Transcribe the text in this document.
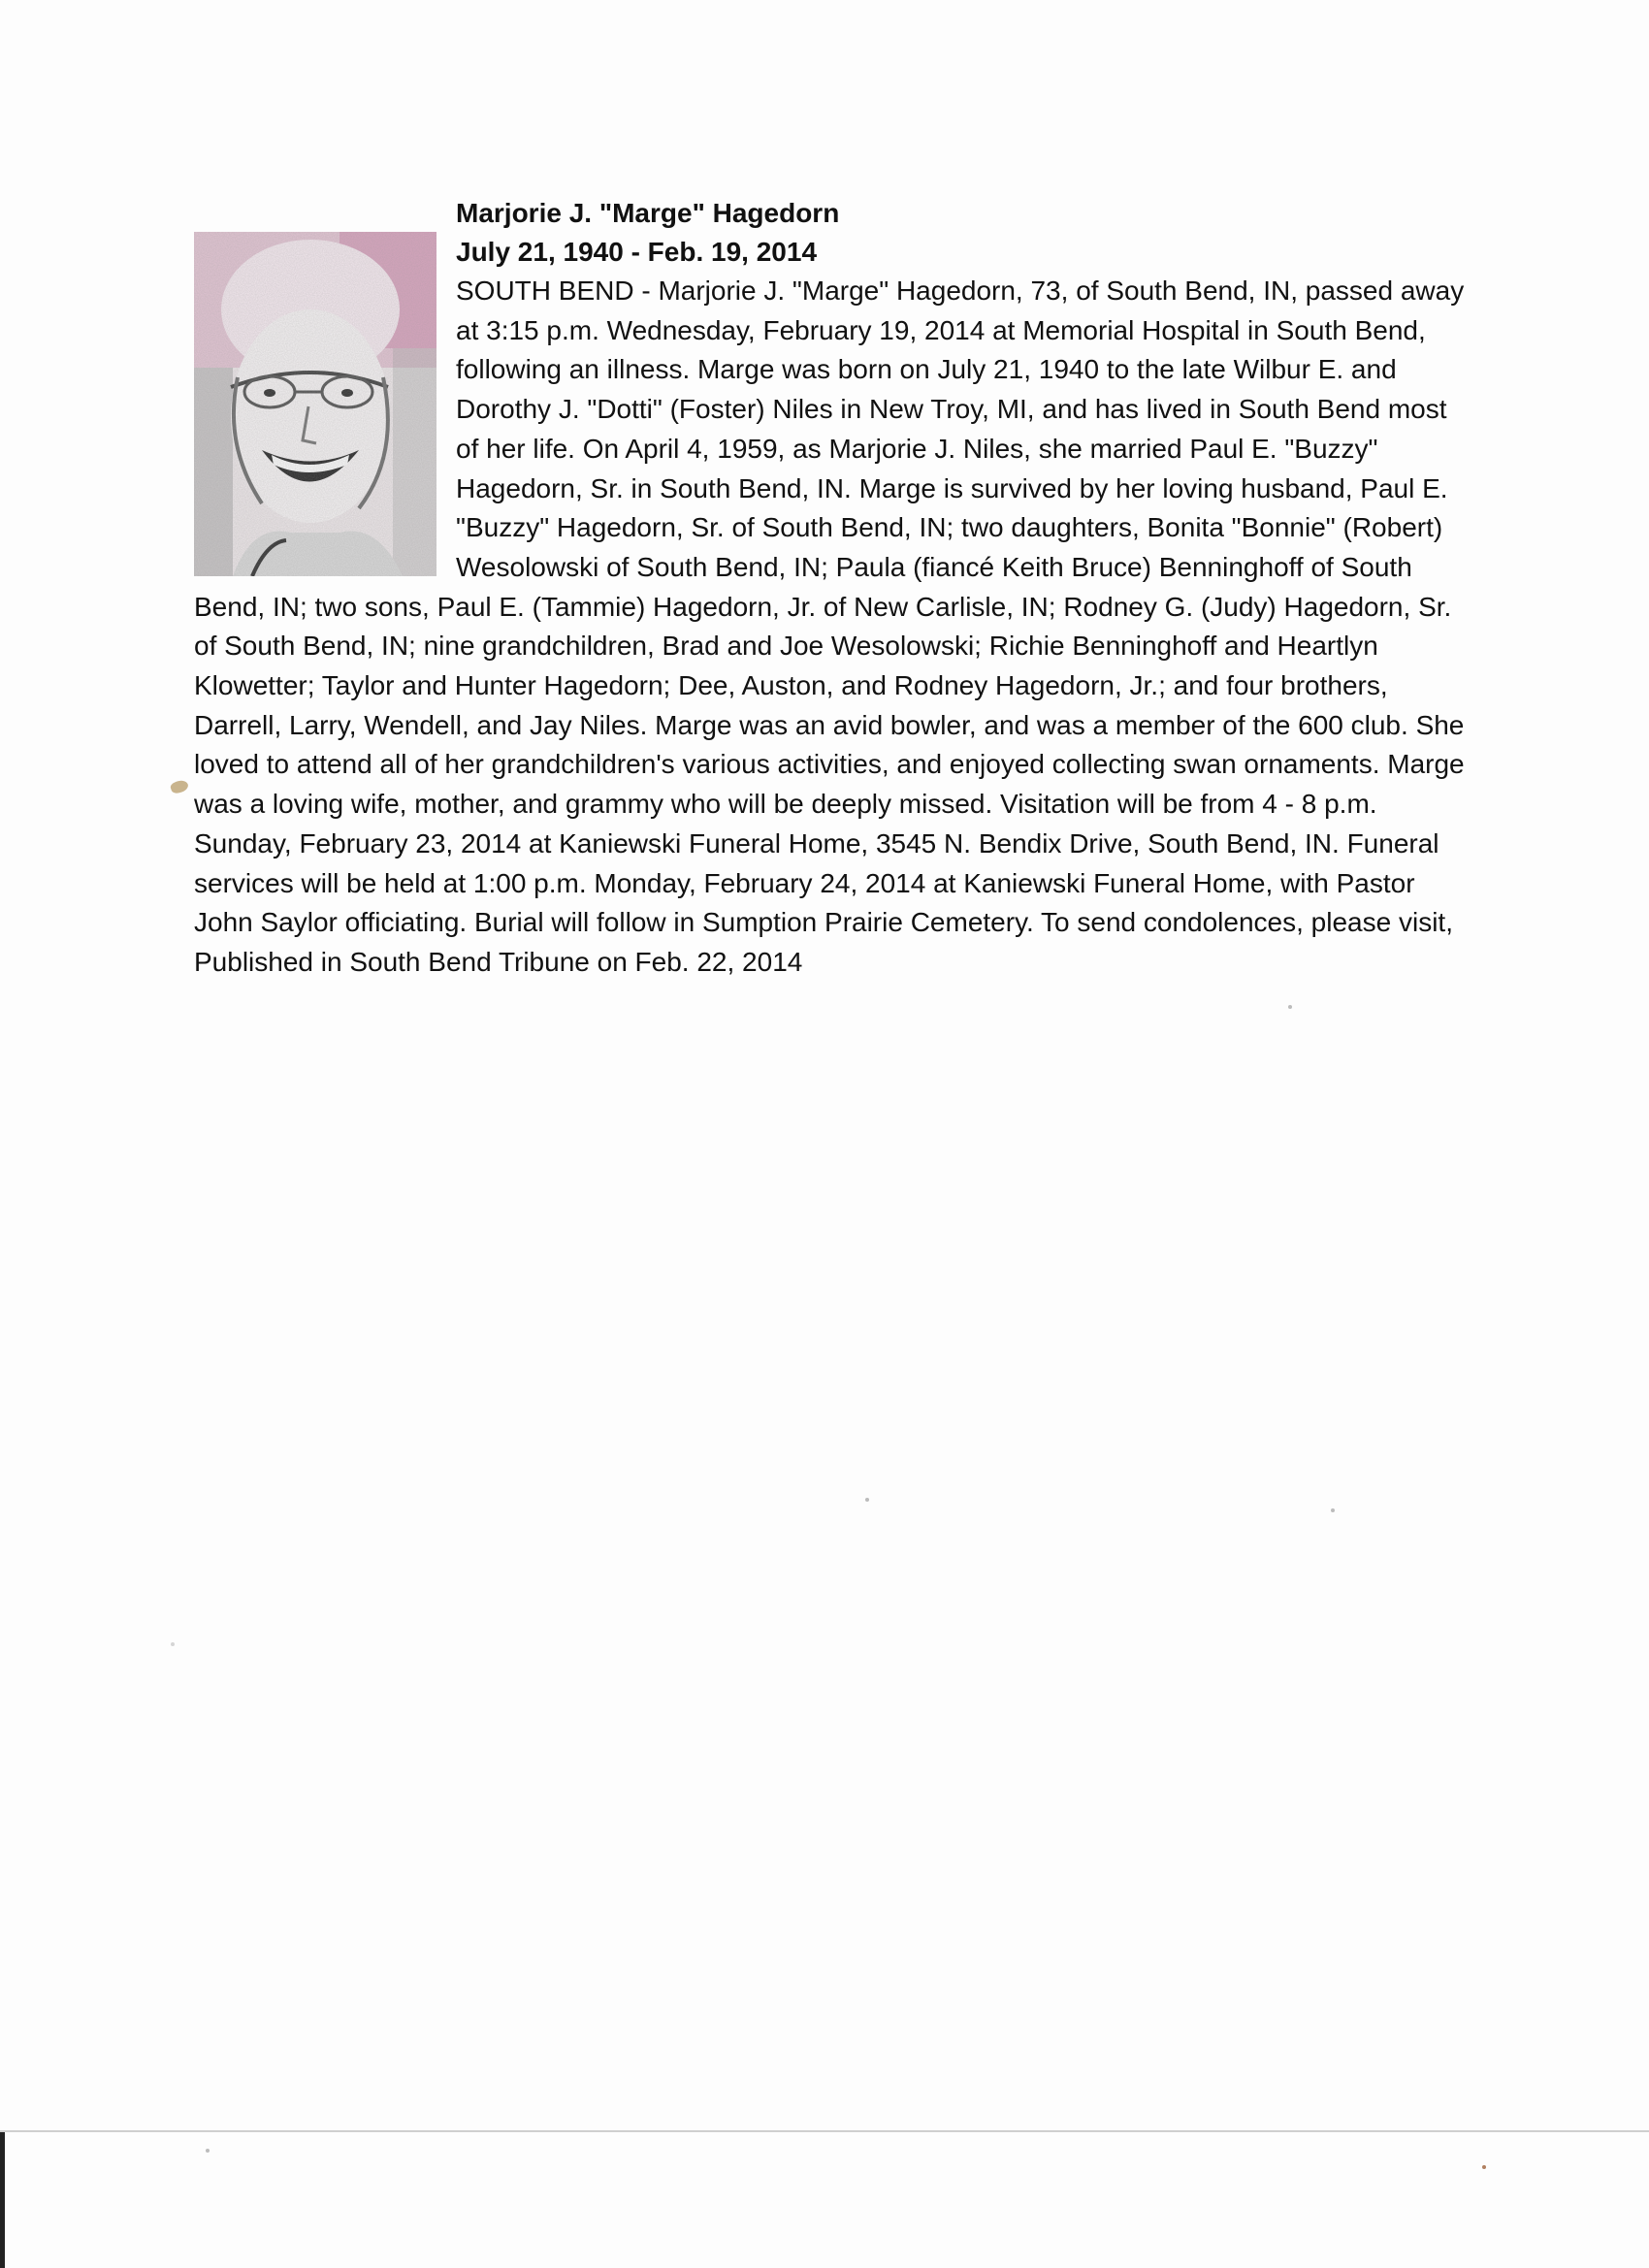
Marjorie J. "Marge" Hagedorn

July 21, 1940 - Feb. 19, 2014

SOUTH BEND - Marjorie J. "Marge" Hagedorn, 73, of South Bend, IN, passed away at 3:15 p.m. Wednesday, February 19, 2014 at Memorial Hospital in South Bend, following an illness. Marge was born on July 21, 1940 to the late Wilbur E. and Dorothy J. "Dotti" (Foster) Niles in New Troy, MI, and has lived in South Bend most of her life. On April 4, 1959, as Marjorie J. Niles, she married Paul E. "Buzzy" Hagedorn, Sr. in South Bend, IN. Marge is survived by her loving husband, Paul E. "Buzzy" Hagedorn, Sr. of South Bend, IN; two daughters, Bonita "Bonnie" (Robert) Wesolowski of South Bend, IN; Paula (fiancé Keith Bruce) Benninghoff of South Bend, IN; two sons, Paul E. (Tammie) Hagedorn, Jr. of New Carlisle, IN; Rodney G. (Judy) Hagedorn, Sr. of South Bend, IN; nine grandchildren, Brad and Joe Wesolowski; Richie Benninghoff and Heartlyn Klowetter; Taylor and Hunter Hagedorn; Dee, Auston, and Rodney Hagedorn, Jr.; and four brothers, Darrell, Larry, Wendell, and Jay Niles. Marge was an avid bowler, and was a member of the 600 club. She loved to attend all of her grandchildren's various activities, and enjoyed collecting swan ornaments. Marge was a loving wife, mother, and grammy who will be deeply missed. Visitation will be from 4 - 8 p.m. Sunday, February 23, 2014 at Kaniewski Funeral Home, 3545 N. Bendix Drive, South Bend, IN. Funeral services will be held at 1:00 p.m. Monday, February 24, 2014 at Kaniewski Funeral Home, with Pastor John Saylor officiating. Burial will follow in Sumption Prairie Cemetery. To send condolences, please visit,

Published in South Bend Tribune on Feb. 22, 2014
